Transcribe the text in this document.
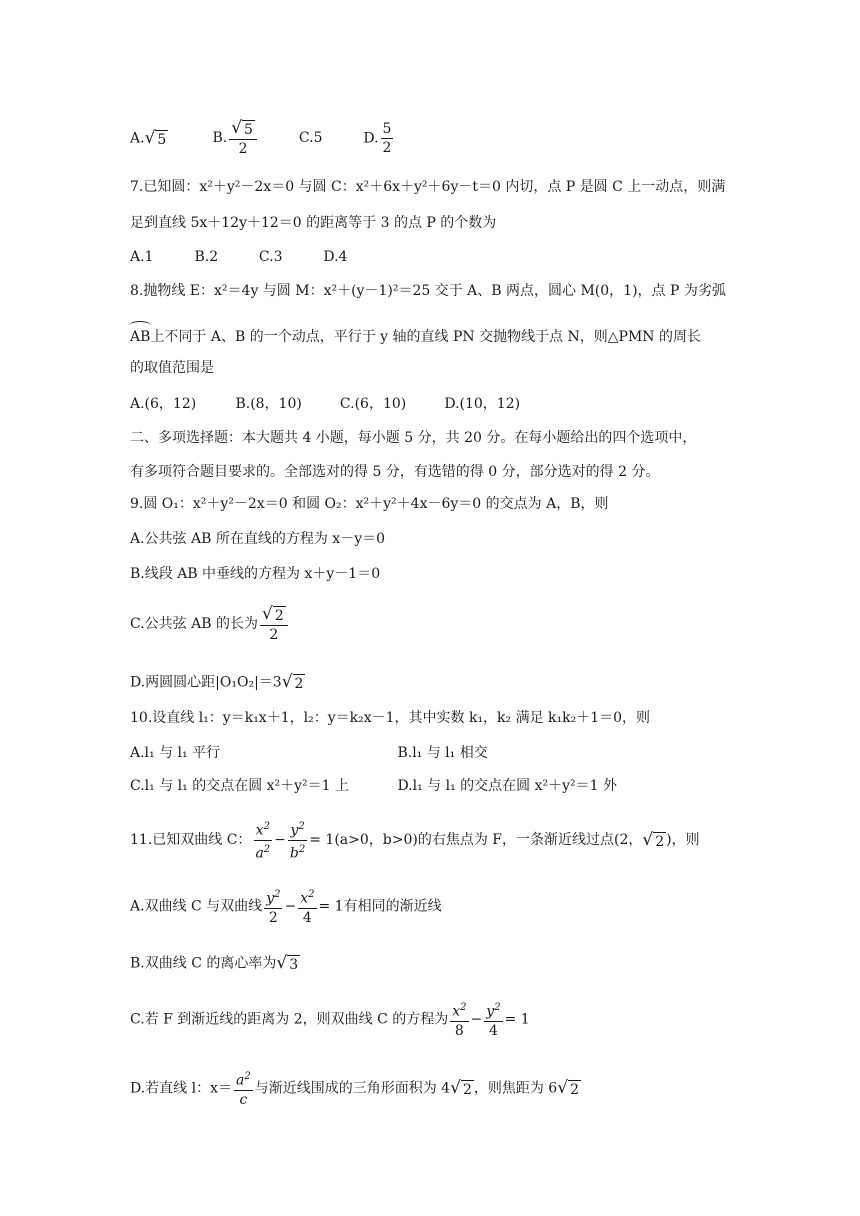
A. √ 5	B. $\frac{√ 5}{2}$	C.5	D. $\frac{5}{2}$
7.已知圆：x²＋y²－2x＝0 与圆 C：x²＋6x＋y²＋6y－t＝0 内切，点 P 是圆 C 上一动点，则满
足到直线 5x＋12y＋12＝0 的距离等于 3 的点 P 的个数为
A.1	B.2	C.3	D.4
8.抛物线 E：x²＝4y 与圆 M：x²＋(y－1)²＝25 交于 A、B 两点，圆心 M(0，1)，点 P 为劣弧
AB上不同于 A、B 的一个动点，平行于 y 轴的直线 PN 交抛物线于点 N，则△PMN 的周长
的取值范围是
A.(6，12)	B.(8，10)	C.(6，10)	D.(10，12)
二、多项选择题：本大题共 4 小题，每小题 5 分，共 20 分。在每小题给出的四个选项中，
有多项符合题目要求的。全部选对的得 5 分，有选错的得 0 分，部分选对的得 2 分。
9.圆 O₁：x²＋y²－2x＝0 和圆 O₂：x²＋y²＋4x－6y＝0 的交点为 A，B，则
A.公共弦 AB 所在直线的方程为 x－y＝0
B.线段 AB 中垂线的方程为 x＋y－1＝0
C.公共弦 AB 的长为 $\frac{√ 2}{2}$
D.两圆圆心距|O₁O₂|＝3 √ 2
10.设直线 l₁：y＝k₁x＋1，l₂：y＝k₂x－1，其中实数 k₁，k₂ 满足 k₁k₂＋1＝0，则
A.l₁ 与 l₁ 平行	B.l₁ 与 l₁ 相交
C.l₁ 与 l₁ 的交点在圆 x²＋y²＝1 上	D.l₁ 与 l₁ 的交点在圆 x²＋y²＝1 外
11.已知双曲线 C： $\frac{x^2}{a^2} - \frac{y^2}{b^2} = 1(a>0$，b>0)的右焦点为 F，一条渐近线过点(2， √ 2 )，则
A.双曲线 C 与双曲线 $\frac{y^2}{2} - \frac{x^2}{4} = 1$有相同的渐近线
B.双曲线 C 的离心率为 √ 3
C.若 F 到渐近线的距离为 2，则双曲线 C 的方程为 $\frac{x^2}{8} - \frac{y^2}{4} = 1$
D.若直线 l：$x= \frac{a^2}{c}$ 与渐近线围成的三角形面积为 4 √ 2 ，则焦距为 6 √ 2
